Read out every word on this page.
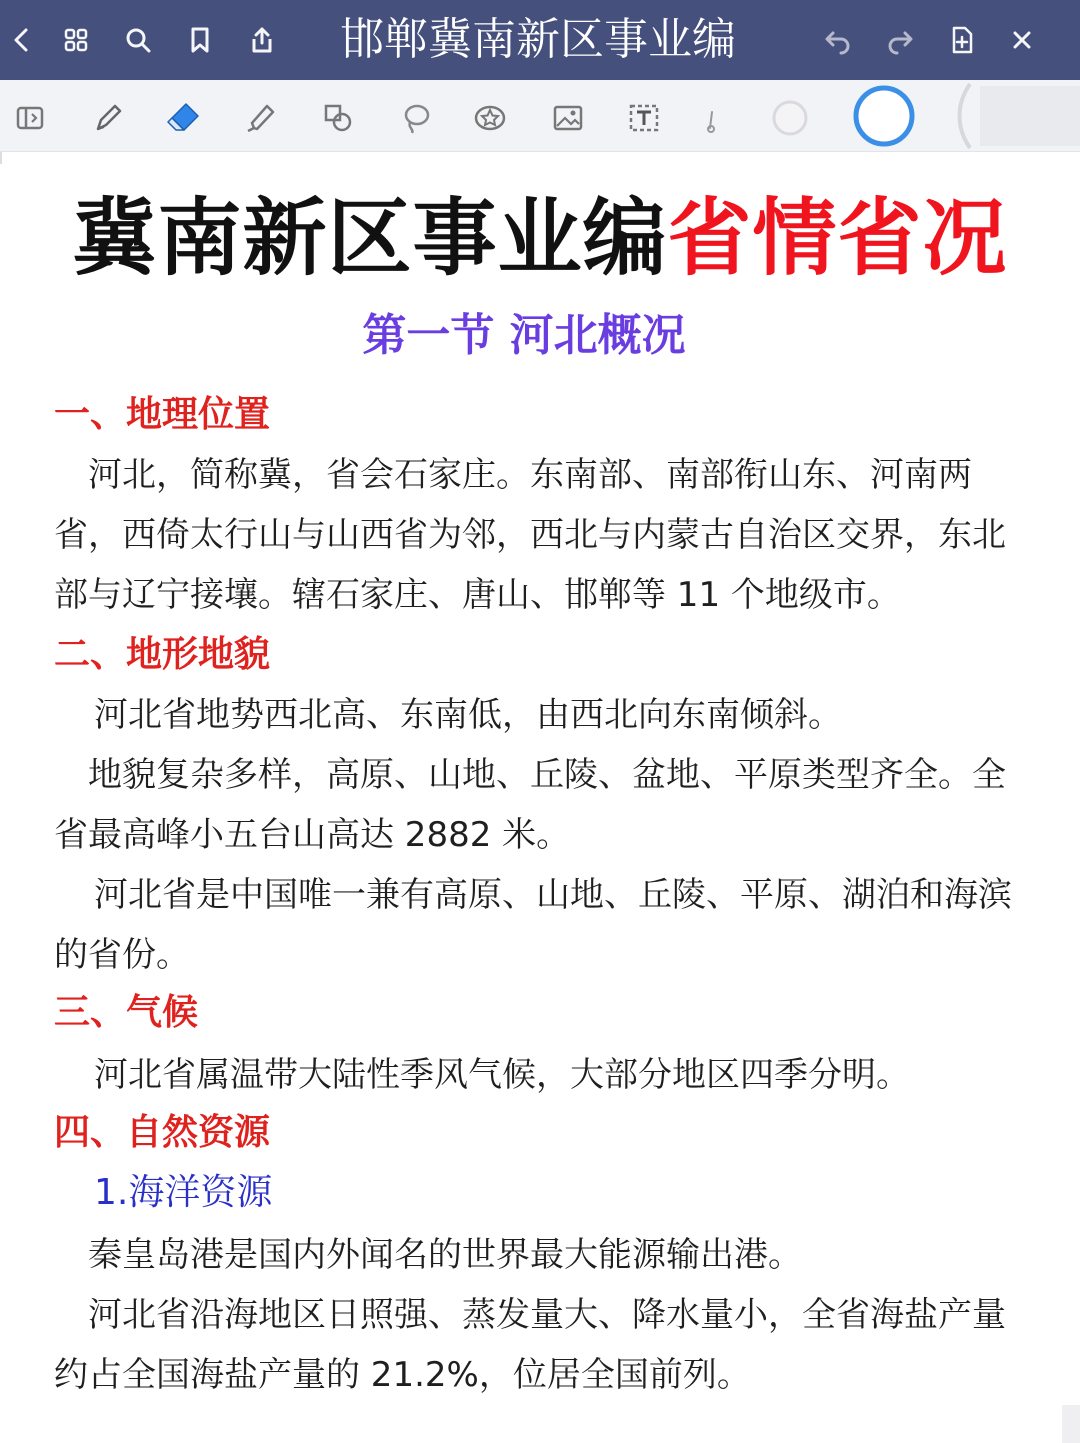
邯郸冀南新区事业编
冀南新区事业编省情省况
第一节 河北概况
一、地理位置
河北，简称冀，省会石家庄。东南部、南部衔山东、河南两省，西倚太行山与山西省为邻，西北与内蒙古自治区交界，东北部与辽宁接壤。辖石家庄、唐山、邯郸等 11 个地级市。
二、地形地貌
河北省地势西北高、东南低，由西北向东南倾斜。
地貌复杂多样，高原、山地、丘陵、盆地、平原类型齐全。全省最高峰小五台山高达 2882 米。
河北省是中国唯一兼有高原、山地、丘陵、平原、湖泊和海滨的省份。
三、气候
河北省属温带大陆性季风气候，大部分地区四季分明。
四、自然资源
1.海洋资源
秦皇岛港是国内外闻名的世界最大能源输出港。
河北省沿海地区日照强、蒸发量大、降水量小，全省海盐产量约占全国海盐产量的 21.2%，位居全国前列。
